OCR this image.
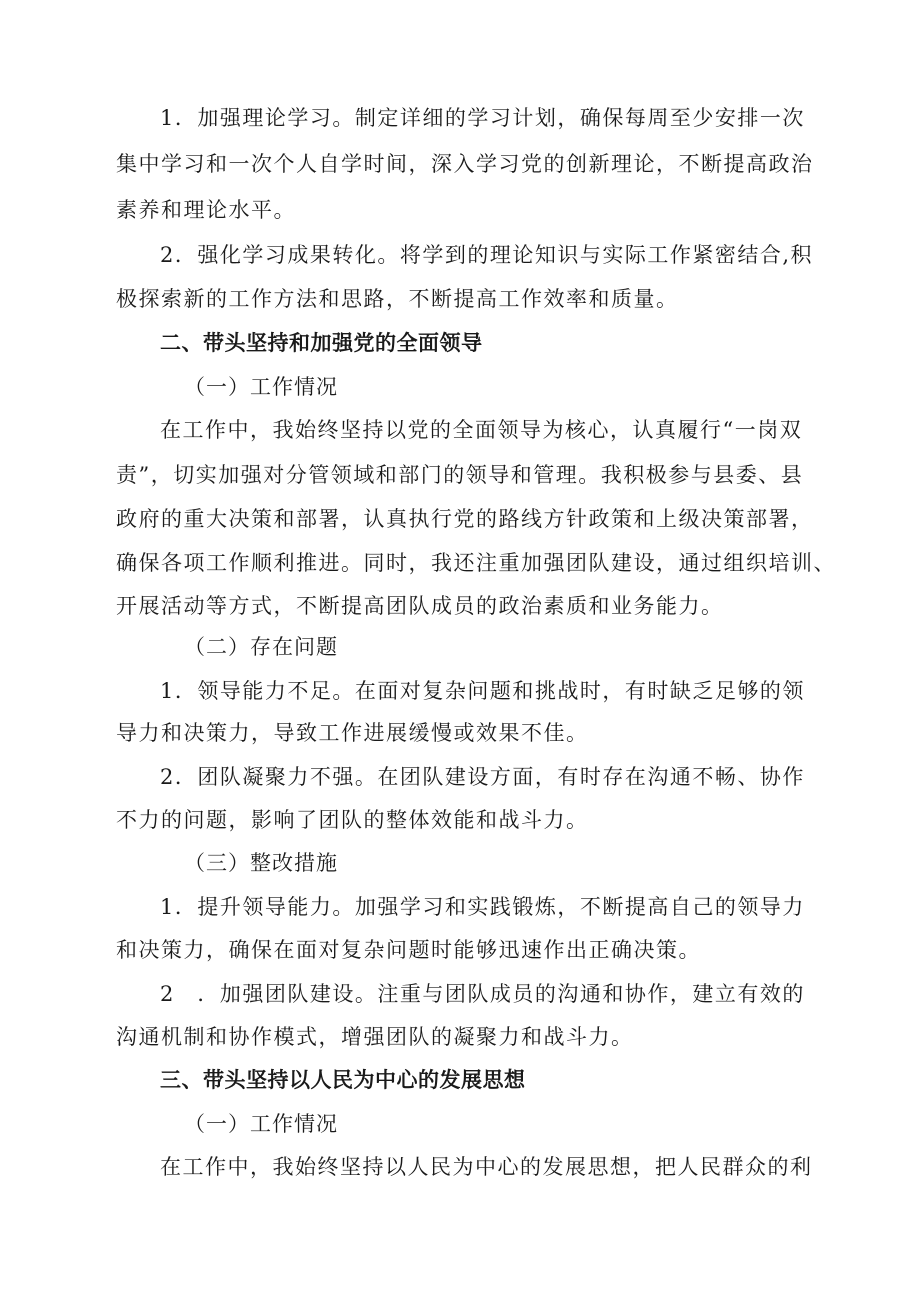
1．加强理论学习。制定详细的学习计划，确保每周至少安排一次
集中学习和一次个人自学时间，深入学习党的创新理论，不断提高政治
素养和理论水平。
2．强化学习成果转化。将学到的理论知识与实际工作紧密结合,积
极探索新的工作方法和思路，不断提高工作效率和质量。
二、带头坚持和加强党的全面领导
（一）工作情况
在工作中，我始终坚持以党的全面领导为核心，认真履行“一岗双
责”，切实加强对分管领域和部门的领导和管理。我积极参与县委、县
政府的重大决策和部署，认真执行党的路线方针政策和上级决策部署，
确保各项工作顺利推进。同时，我还注重加强团队建设，通过组织培训、
开展活动等方式，不断提高团队成员的政治素质和业务能力。
（二）存在问题
1．领导能力不足。在面对复杂问题和挑战时，有时缺乏足够的领
导力和决策力，导致工作进展缓慢或效果不佳。
2．团队凝聚力不强。在团队建设方面，有时存在沟通不畅、协作
不力的问题，影响了团队的整体效能和战斗力。
（三）整改措施
1．提升领导能力。加强学习和实践锻炼，不断提高自己的领导力
和决策力，确保在面对复杂问题时能够迅速作出正确决策。
2　．加强团队建设。注重与团队成员的沟通和协作，建立有效的
沟通机制和协作模式，增强团队的凝聚力和战斗力。
三、带头坚持以人民为中心的发展思想
（一）工作情况
在工作中，我始终坚持以人民为中心的发展思想，把人民群众的利
